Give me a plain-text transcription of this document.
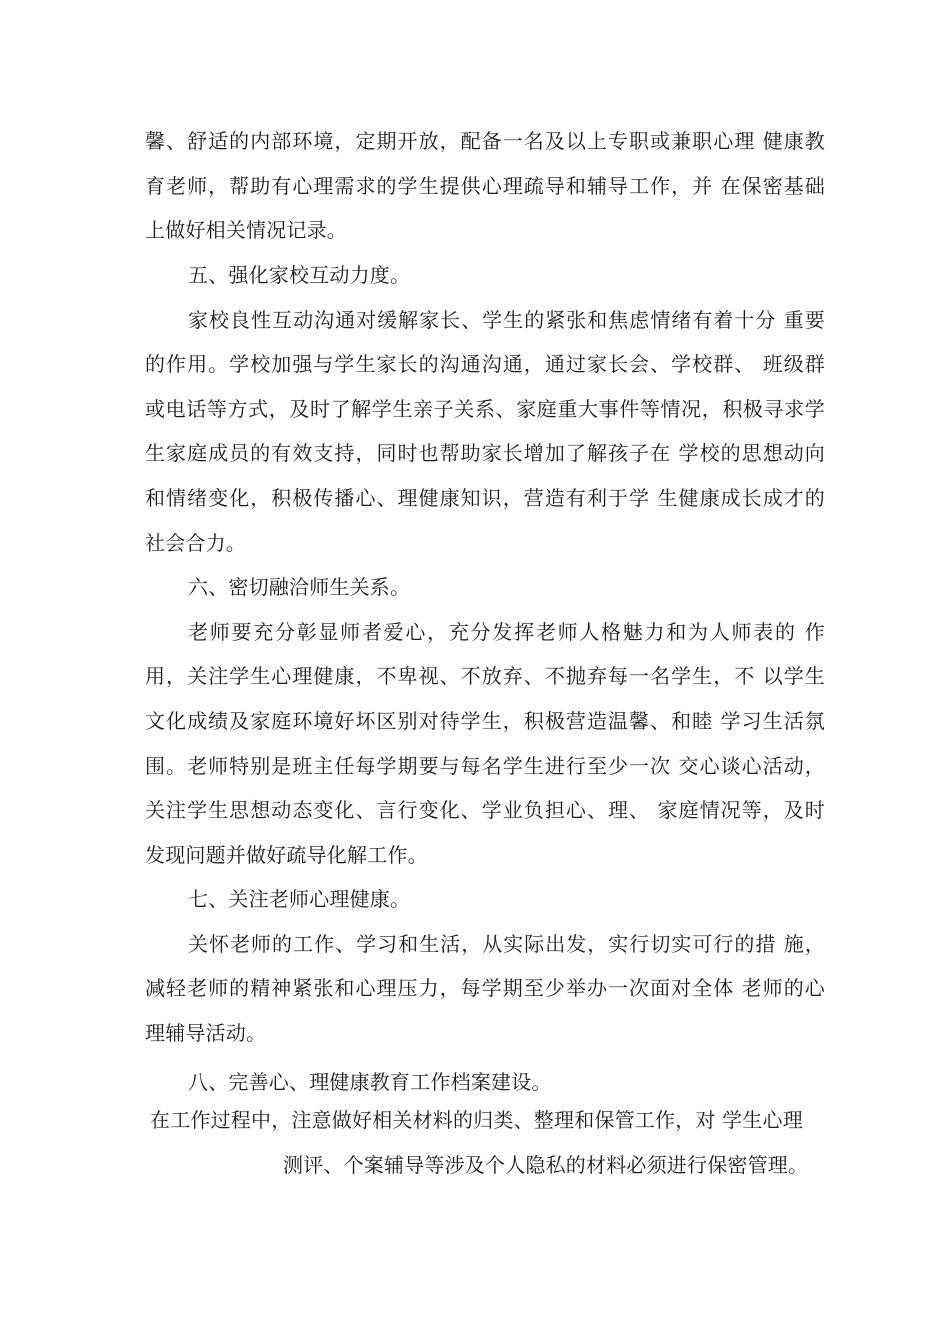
馨、舒适的内部环境，定期开放，配备一名及以上专职或兼职心理 健康教
育老师，帮助有心理需求的学生提供心理疏导和辅导工作，并 在保密基础
上做好相关情况记录。
五、强化家校互动力度。
家校良性互动沟通对缓解家长、学生的紧张和焦虑情绪有着十分 重要
的作用。学校加强与学生家长的沟通沟通，通过家长会、学校群、 班级群
或电话等方式，及时了解学生亲子关系、家庭重大事件等情况，积极寻求学
生家庭成员的有效支持，同时也帮助家长增加了解孩子在 学校的思想动向
和情绪变化，积极传播心、理健康知识，营造有利于学 生健康成长成才的
社会合力。
六、密切融洽师生关系。
老师要充分彰显师者爱心，充分发挥老师人格魅力和为人师表的 作
用，关注学生心理健康，不卑视、不放弃、不抛弃每一名学生，不 以学生
文化成绩及家庭环境好坏区别对待学生，积极营造温馨、和睦 学习生活氛
围。老师特别是班主任每学期要与每名学生进行至少一次 交心谈心活动，
关注学生思想动态变化、言行变化、学业负担心、理、 家庭情况等，及时
发现问题并做好疏导化解工作。
七、关注老师心理健康。
关怀老师的工作、学习和生活，从实际出发，实行切实可行的措 施，
减轻老师的精神紧张和心理压力，每学期至少举办一次面对全体 老师的心
理辅导活动。
八、完善心、理健康教育工作档案建设。
在工作过程中，注意做好相关材料的归类、整理和保管工作，对 学生心理
测评、个案辅导等涉及个人隐私的材料必须进行保密管理。
